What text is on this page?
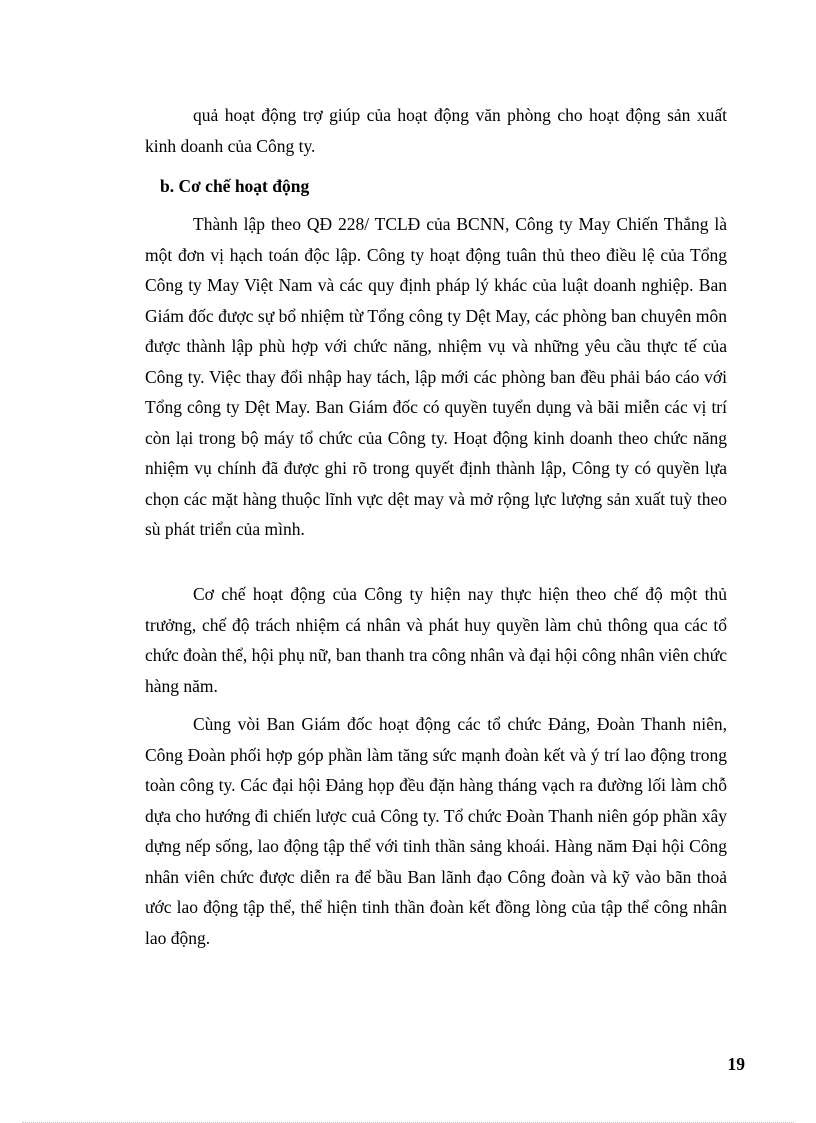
quả hoạt động trợ giúp của hoạt động văn phòng cho hoạt động sản xuất kinh doanh của Công ty.

b. Cơ chế hoạt động

Thành lập theo QĐ 228/ TCLĐ của BCNN, Công ty May Chiến Thắng là một đơn vị hạch toán độc lập. Công ty hoạt động tuân thủ theo điều lệ của Tổng Công ty May Việt Nam và các quy định pháp lý khác của luật doanh nghiệp. Ban Giám đốc được sự bổ nhiệm từ Tổng công ty Dệt May, các phòng ban chuyên môn được thành lập phù hợp với chức năng, nhiệm vụ và những yêu cầu thực tế của Công ty. Việc thay đổi nhập hay tách, lập mới các phòng ban đều phải báo cáo với Tổng công ty Dệt May. Ban Giám đốc có quyền tuyển dụng và bãi miễn các vị trí còn lại trong bộ máy tổ chức của Công ty. Hoạt động kinh doanh theo chức năng nhiệm vụ chính đã được ghi rõ trong quyết định thành lập, Công ty có quyền lựa chọn các mặt hàng thuộc lĩnh vực dệt may và mở rộng lực lượng sản xuất tuỳ theo sù phát triển của mình.

Cơ chế hoạt động của Công ty hiện nay thực hiện theo chế độ một thủ trưởng, chế độ trách nhiệm cá nhân và phát huy quyền làm chủ thông qua các tổ chức đoàn thể, hội phụ nữ, ban thanh tra công nhân và đại hội công nhân viên chức hàng năm.

Cùng vòi Ban Giám đốc hoạt động các tổ chức Đảng, Đoàn Thanh niên, Công Đoàn phối hợp góp phần làm tăng sức mạnh đoàn kết và ý trí lao động trong toàn công ty. Các đại hội Đảng họp đều đặn hàng tháng vạch ra đường lối làm chỗ dựa cho hướng đi chiến lược cuả Công ty. Tổ chức Đoàn Thanh niên góp phần xây dựng nếp sống, lao động tập thể với tinh thần sảng khoái. Hàng năm Đại hội Công nhân viên chức được diễn ra để bầu Ban lãnh đạo Công đoàn và kỹ vào bãn thoả ước lao động tập thể, thể hiện tinh thần đoàn kết đồng lòng của tập thể công nhân lao động.

19
